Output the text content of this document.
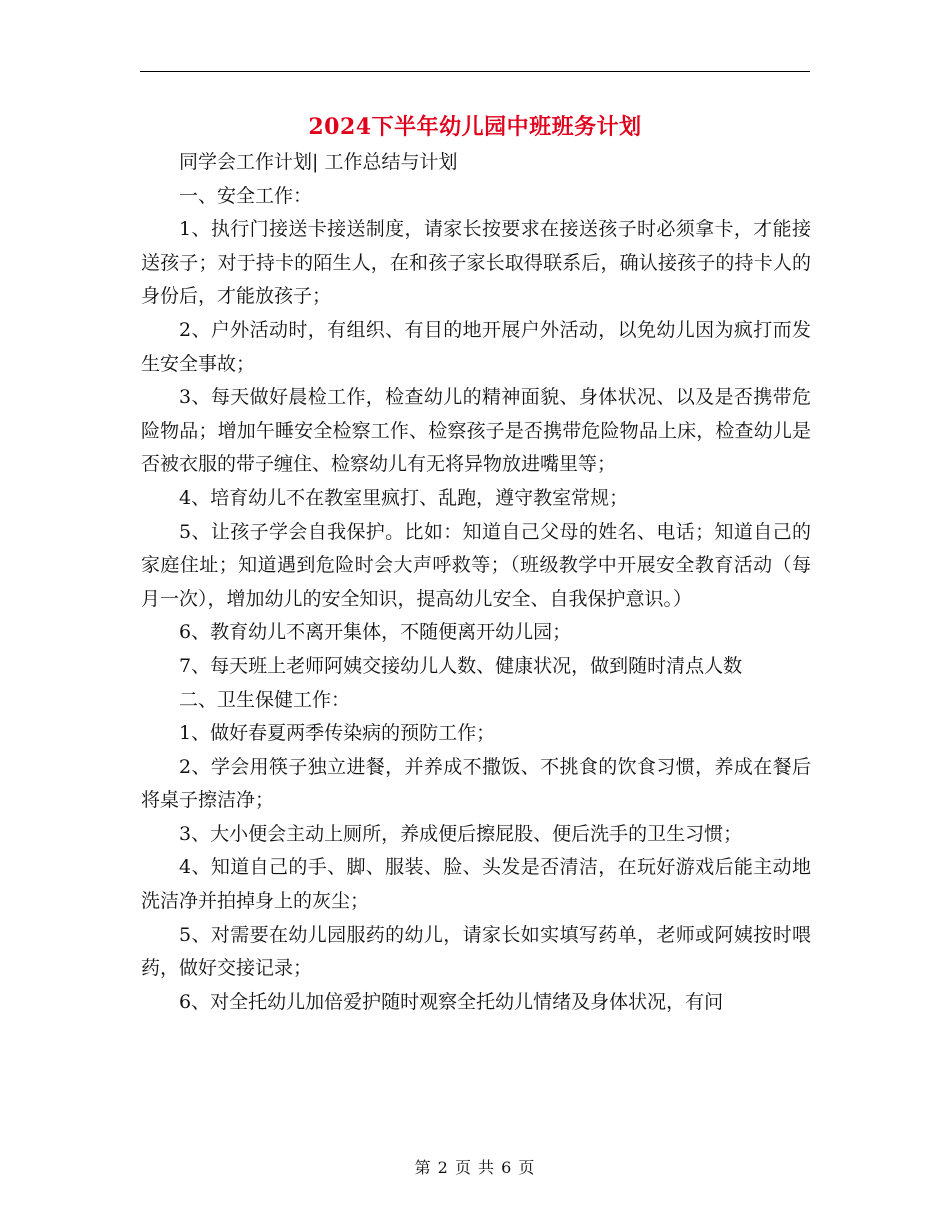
2024下半年幼儿园中班班务计划

同学会工作计划| 工作总结与计划

一、安全工作：

1、执行门接送卡接送制度，请家长按要求在接送孩子时必须拿卡，才能接送孩子；对于持卡的陌生人，在和孩子家长取得联系后，确认接孩子的持卡人的身份后，才能放孩子；

2、户外活动时，有组织、有目的地开展户外活动，以免幼儿因为疯打而发生安全事故；

3、每天做好晨检工作，检查幼儿的精神面貌、身体状况、以及是否携带危险物品；增加午睡安全检察工作、检察孩子是否携带危险物品上床，检查幼儿是否被衣服的带子缠住、检察幼儿有无将异物放进嘴里等；

4、培育幼儿不在教室里疯打、乱跑，遵守教室常规；

5、让孩子学会自我保护。比如：知道自己父母的姓名、电话；知道自己的家庭住址；知道遇到危险时会大声呼救等；（班级教学中开展安全教育活动（每月一次），增加幼儿的安全知识，提高幼儿安全、自我保护意识。）

6、教育幼儿不离开集体，不随便离开幼儿园；

7、每天班上老师阿姨交接幼儿人数、健康状况，做到随时清点人数

二、卫生保健工作：

1、做好春夏两季传染病的预防工作；

2、学会用筷子独立进餐，并养成不撒饭、不挑食的饮食习惯，养成在餐后将桌子擦洁净；

3、大小便会主动上厕所，养成便后擦屁股、便后洗手的卫生习惯；

4、知道自己的手、脚、服装、脸、头发是否清洁，在玩好游戏后能主动地洗洁净并拍掉身上的灰尘；

5、对需要在幼儿园服药的幼儿，请家长如实填写药单，老师或阿姨按时喂药，做好交接记录；

6、对全托幼儿加倍爱护随时观察全托幼儿情绪及身体状况，有问

第 2 页 共 6 页
